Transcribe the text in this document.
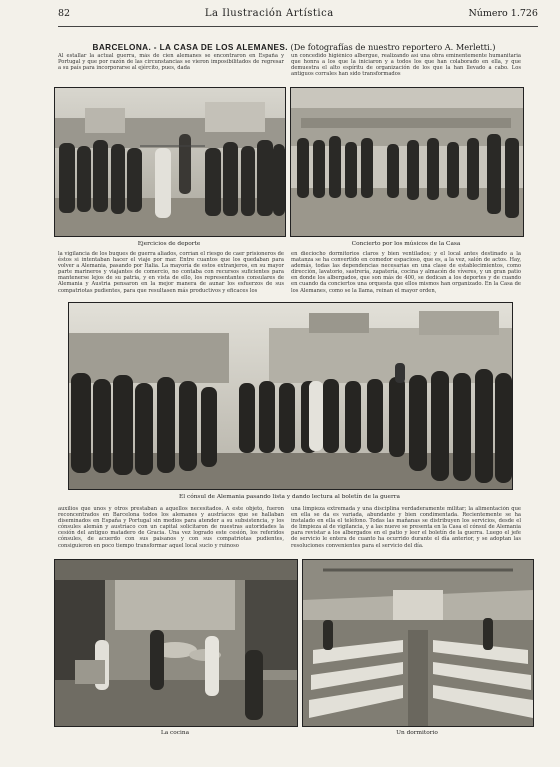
82	La Ilustración Artística	Número 1.726
BARCELONA. - LA CASA DE LOS ALEMANES. (De fotografías de nuestro reportero A. Merletti.)
Al estallar la actual guerra, más de cien alemanes se encontraron en España y Portugal y que por razón de las circunstancias se vieron imposibilitados de regresar a su país para incorporarse al ejército, pues, dada
un concedido higiénico albergue, realizando así una obra eminentemente humanitaria que honra a los que la iniciaron y a todos los que han colaborado en ella, y que demuestra el alto espíritu de organización de los que la han llevado a cabo. Los antiguos corrales han sido transformados
Ejercicios de deporte	Concierto por los músicos de la Casa
la vigilancia de los buques de guerra aliados, corrían el riesgo de caer prisioneros de éstos si intentaban hacer el viaje por mar. Entre cuantos que los quedaban para volver a Alemania, pasando por Italia. La mayoría de estos extranjeros, en su mayor parte marineros y viajantes de comercio, no contaba con recursos suficientes para mantenerse lejos de su patria, y en vista de ello, los representantes consulares de Alemania y Austria pensaron en la mejor manera de aunar los esfuerzos de sus compatriotas pudientes, para que resultasen más productivos y eficaces los
en dieciocho dormitorios claros y bien ventilados; y el local antes destinado a la matanza se ha convertido en comedor espacioso, que es, a la vez, salón de actos. Hay, además, todas las dependencias necesarias en una clase de establecimientos, como dirección, lavatorio, sastrería, zapatería, cocina y almacén de víveres, y un gran patio en donde los albergados, que son más de 400, se dedican a los deportes y de cuando en cuando da conciertos una orquesta que ellos mismos han organizado. En la Casa de los Alemanes, como se la llama, reinan el mayor orden,
El cónsul de Alemania pasando lista y dando lectura al boletín de la guerra
auxilios que unos y otros prestaban a aquellos necesitados. A este objeto, fueron reconcentrados en Barcelona todos los alemanes y austríacos que se hallaban diseminados en España y Portugal sin medios para atender a su subsistencia, y los cónsules alemán y austríaco con un capital solicitaron de nuestras autoridades la cesión del antiguo matadero de Gracia. Una vez logrado este cesión, los referidos cónsules, de acuerdo con sus paisanos y con sus compatriotas pudientes, consiguieron en poco tiempo transformar aquel local sucio y ruinoso
una limpieza extremada y una disciplina verdaderamente militar; la alimentación que en ella se da es variada, abundante y bien condimentada. Recientemente se ha instalado en ella el teléfono. Todas las mañanas se distribuyen los servicios, desde el de limpieza al de vigilancia, y a las nueve se presenta en la Casa el cónsul de Alemania para revistar a los albergados en el patio y leer el boletín de la guerra. Luego el jefe de servicio le entera de cuanto ha ocurrido durante el día anterior, y se adoptan las resoluciones convenientes para el servicio del día.
La cocina	Un dormitorio
